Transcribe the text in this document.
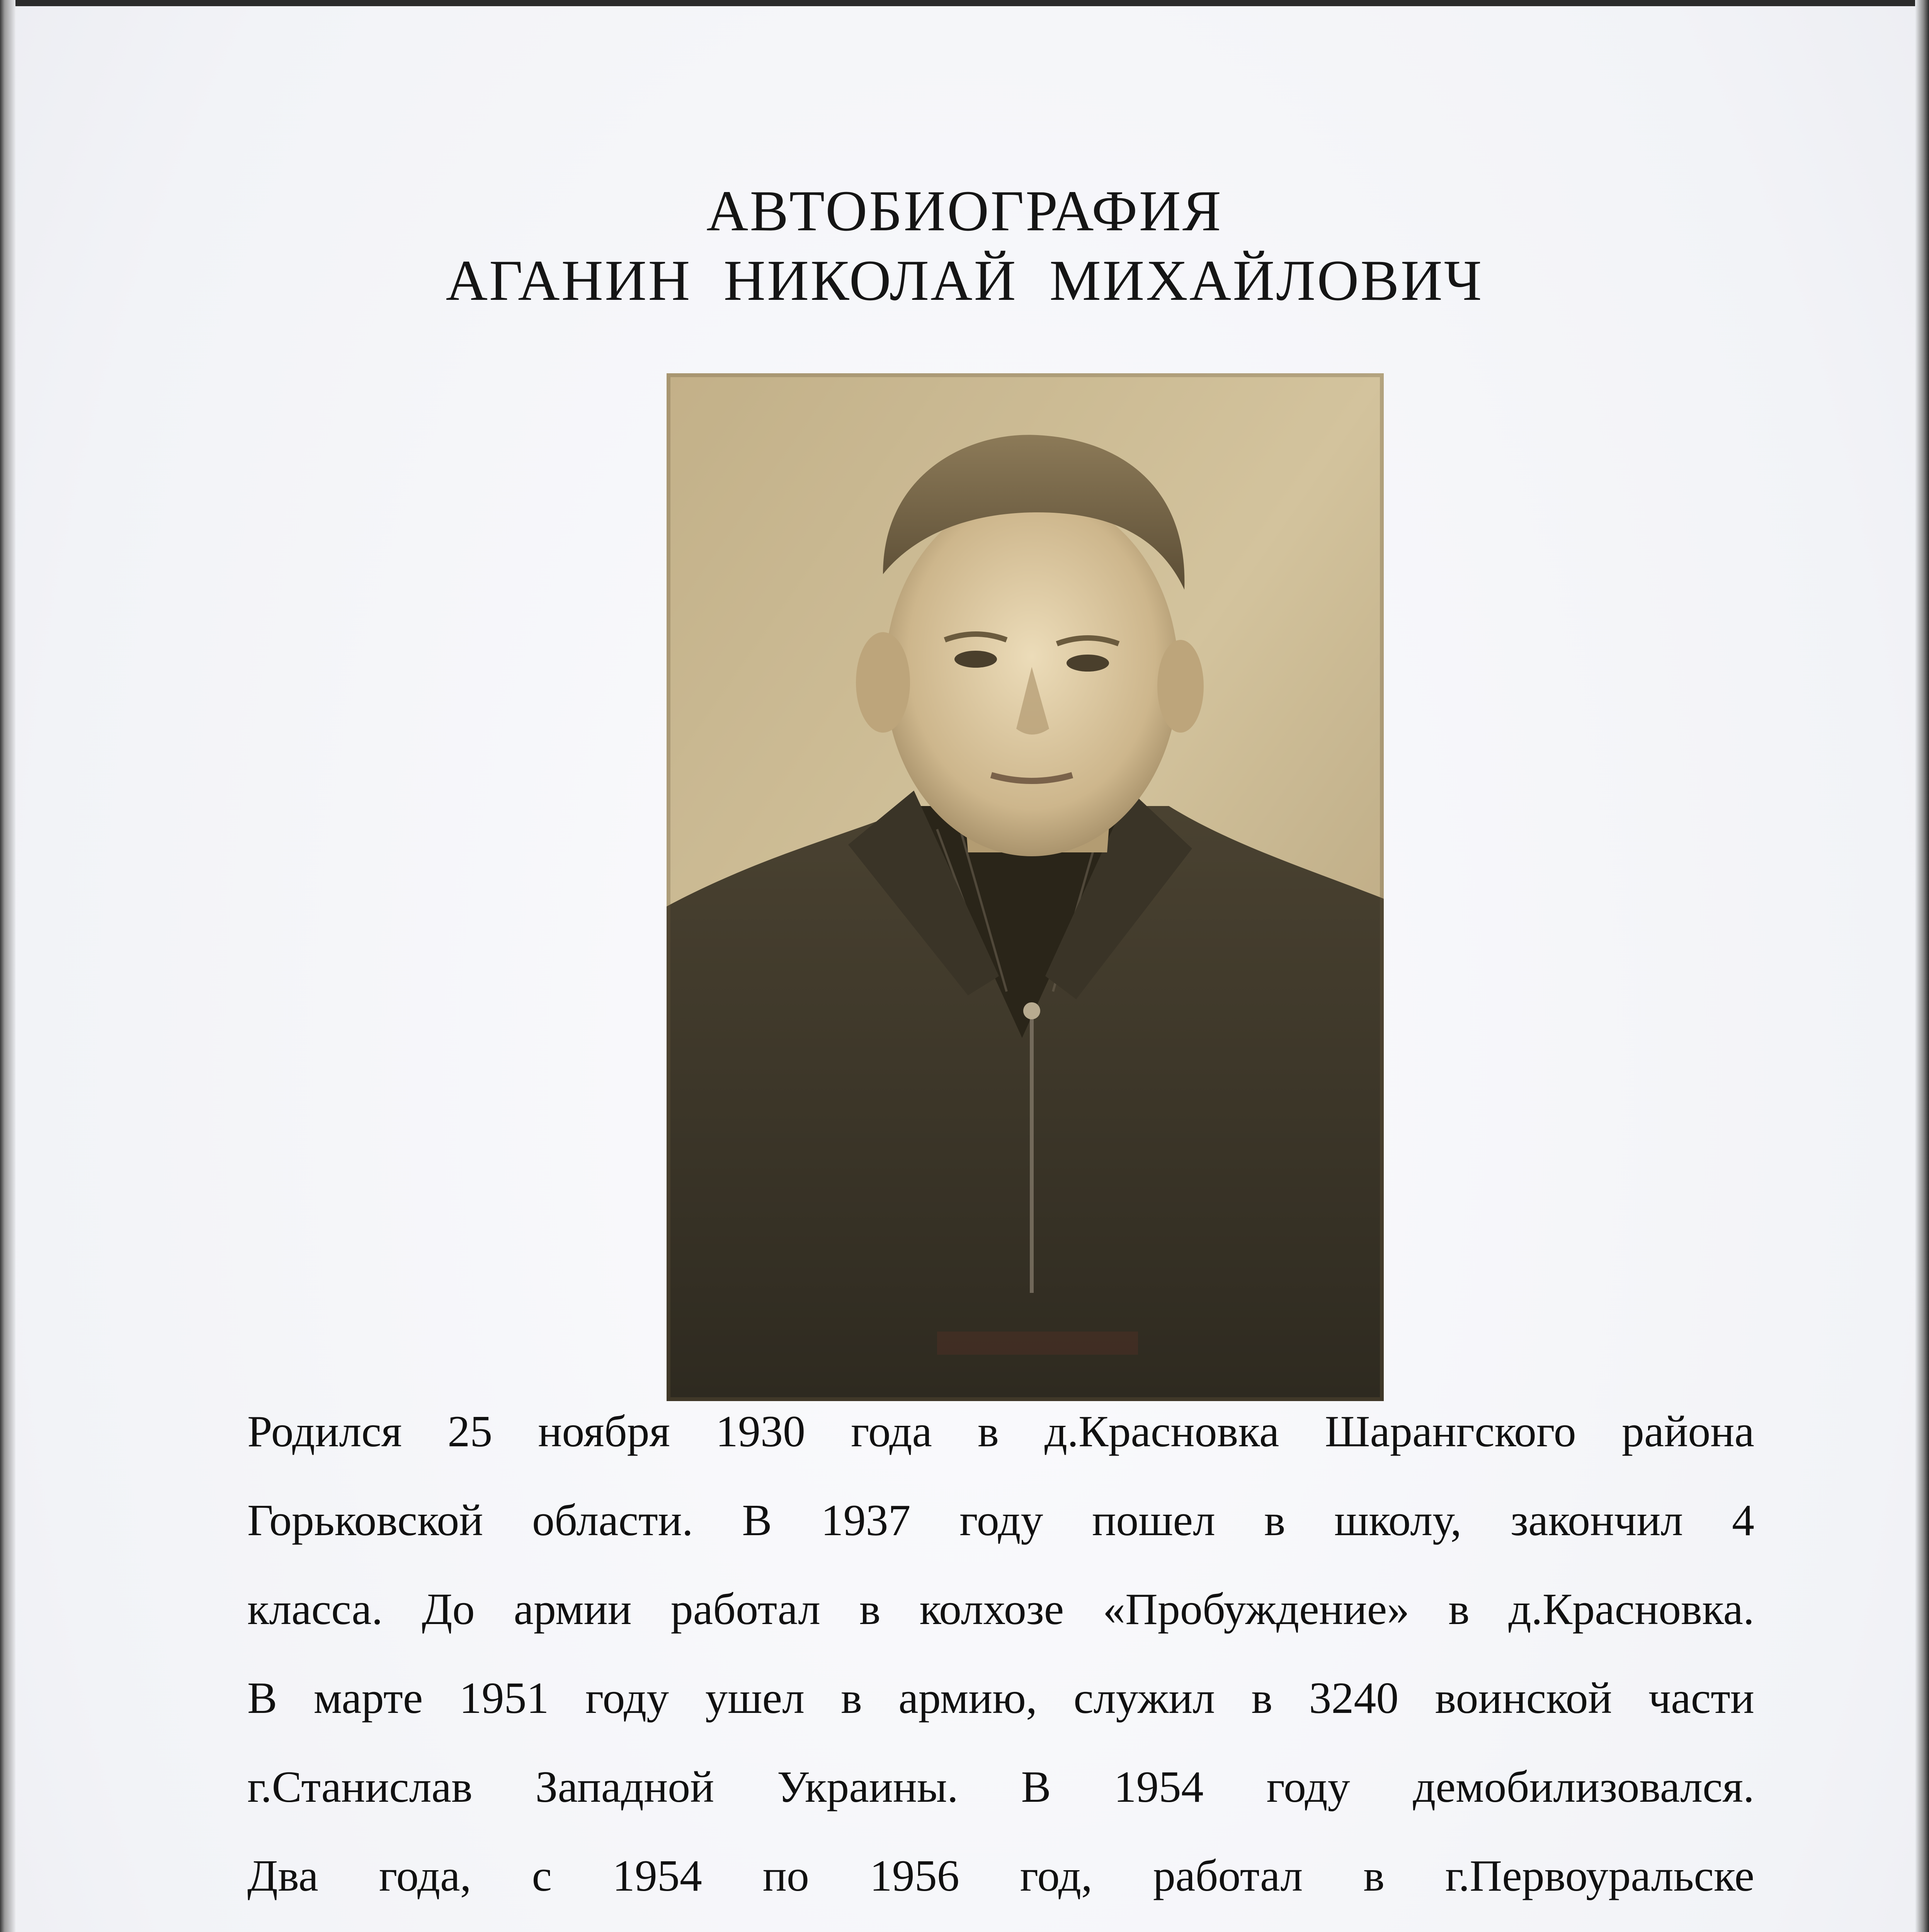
АВТОБИОГРАФИЯ
АГАНИН  НИКОЛАЙ  МИХАЙЛОВИЧ
Родился 25 ноября 1930 года в д.Красновка Шарангского района
Горьковской области. В 1937 году пошел в школу, закончил 4
класса. До армии работал в колхозе «Пробуждение» в д.Красновка.
В марте 1951 году ушел в армию, служил в 3240 воинской части
г.Станислав Западной Украины. В 1954 году демобилизовался.
Два года, с 1954 по 1956 год, работал в г.Первоуральске
